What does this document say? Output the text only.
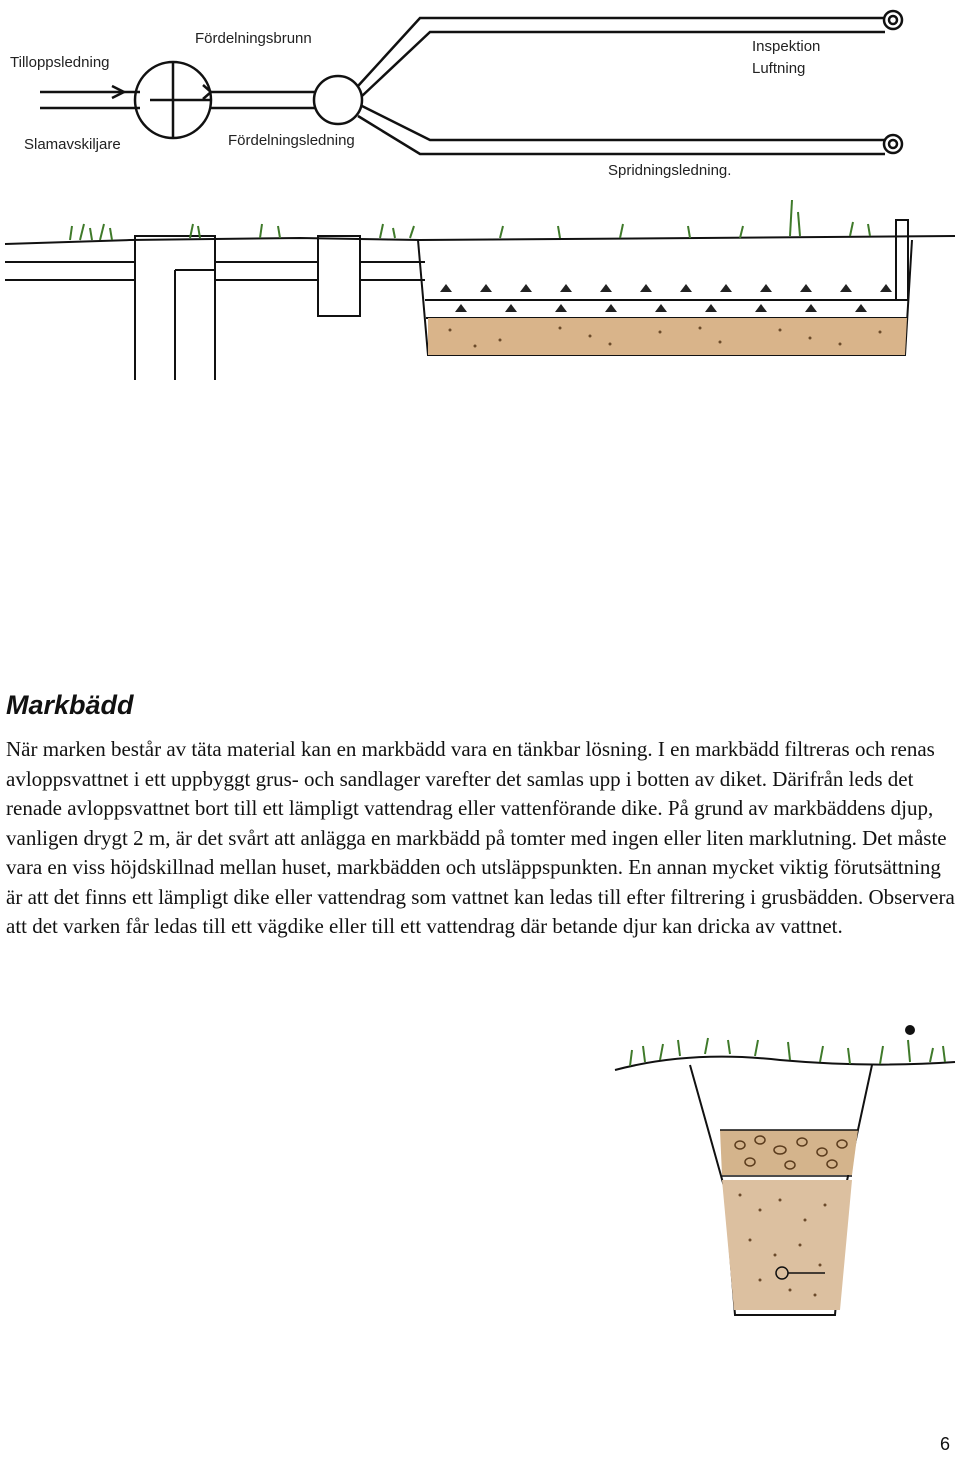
Tilloppsledning
Fördelningsbrunn	Inspektion
Luftning
Slamavskiljare	Fördelningsledning
Spridningsledning.
Markbädd

När marken består av täta material kan en markbädd vara en tänkbar lösning. I en markbädd filtreras och renas avloppsvattnet i ett uppbyggt grus- och sandlager varefter det samlas upp i botten av diket. Därifrån leds det renade avloppsvattnet bort till ett lämpligt vattendrag eller vattenförande dike. På grund av markbäddens djup, vanligen drygt 2 m, är det svårt att anlägga en markbädd på tomter med ingen eller liten marklutning. Det måste vara en viss höjdskillnad mellan huset, markbädden och utsläppspunkten. En annan mycket viktig förutsättning är att det finns ett lämpligt dike eller vattendrag som vattnet kan ledas till efter filtrering i grusbädden. Observera att det varken får ledas till ett vägdike eller till ett vattendrag där betande djur kan dricka av vattnet.

6
